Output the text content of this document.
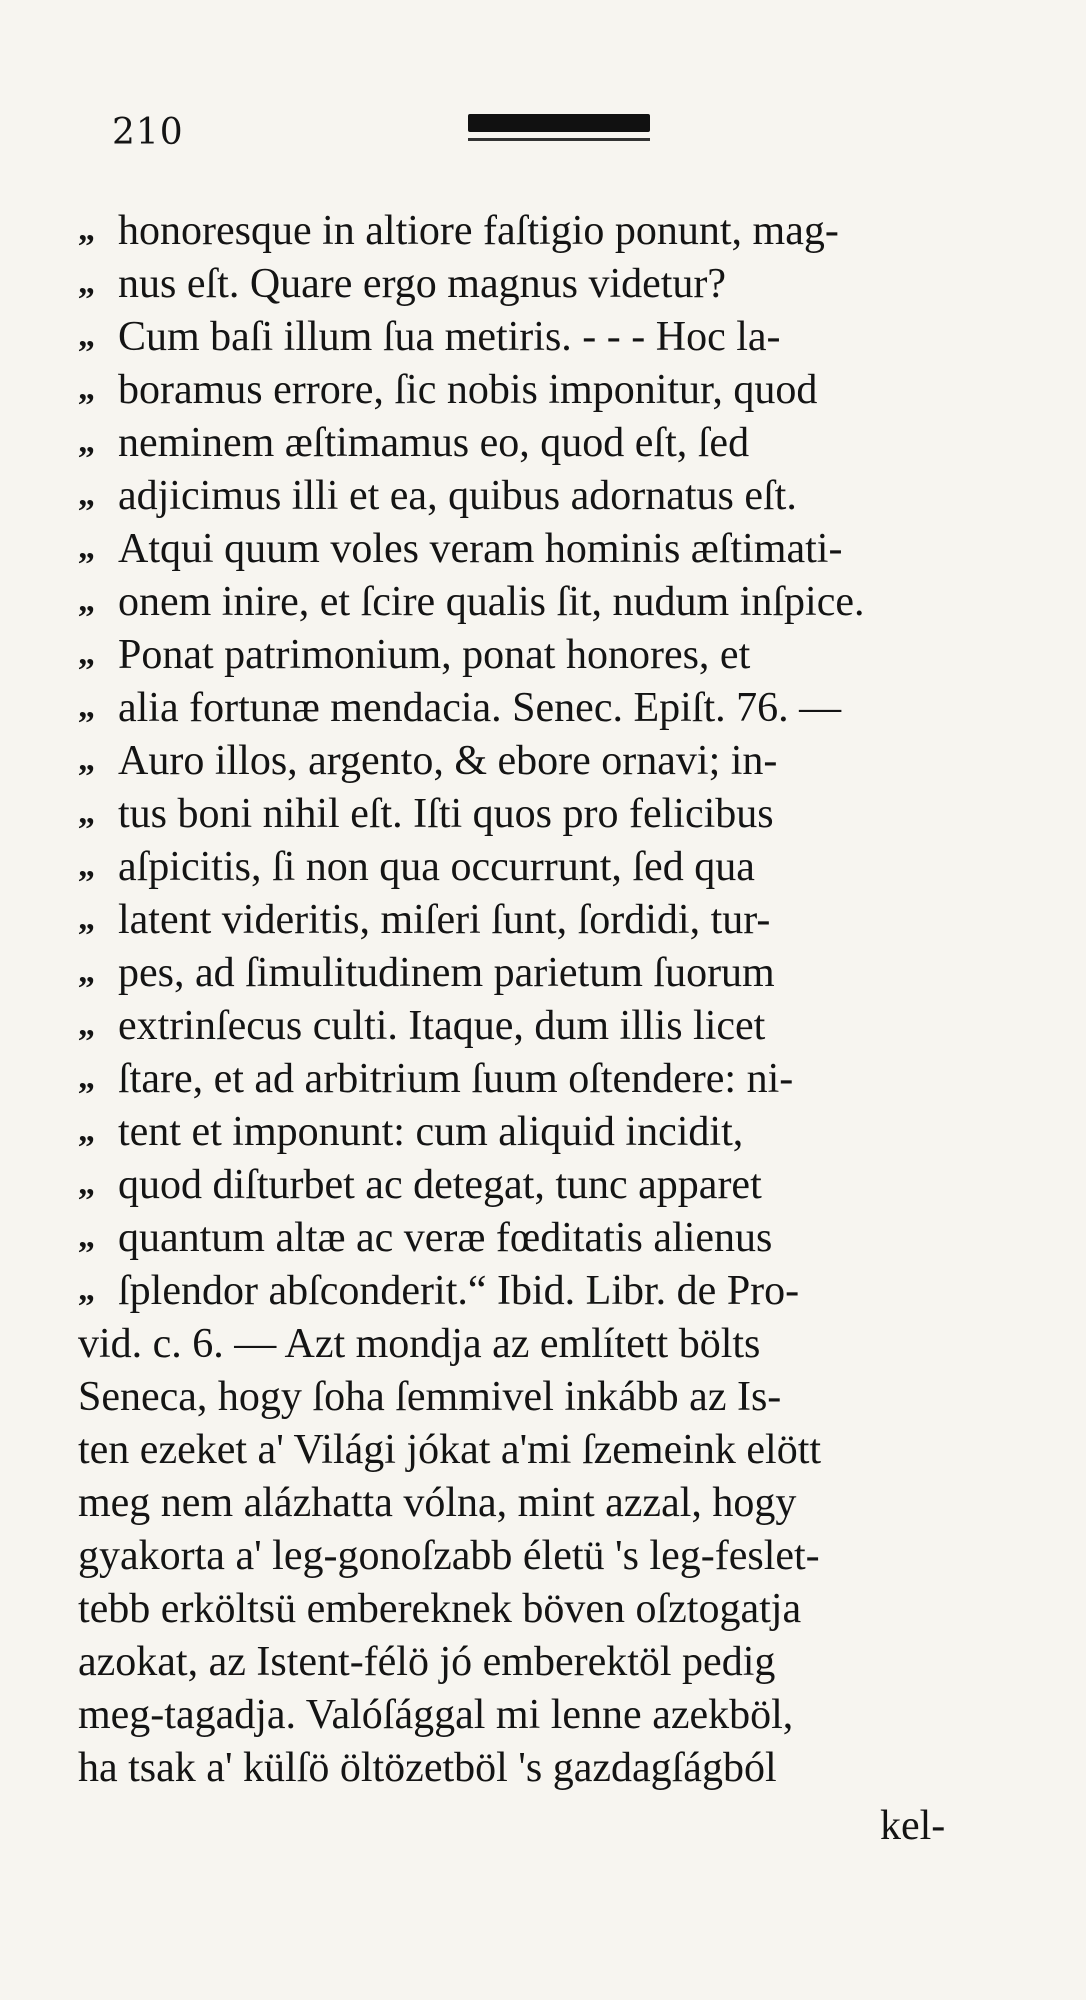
210
„ honoresque in altiore faſtigio ponunt, mag-
„ nus eſt. Quare ergo magnus videtur?
„ Cum baſi illum ſua metiris. - - - Hoc la-
„ boramus errore, ſic nobis imponitur, quod
„ neminem æſtimamus eo, quod eſt, ſed
„ adjicimus illi et ea, quibus adornatus eſt.
„ Atqui quum voles veram hominis æſtimati-
„ onem inire, et ſcire qualis ſit, nudum inſpice.
„ Ponat patrimonium, ponat honores, et
„ alia fortunæ mendacia. Senec. Epiſt. 76. —
„ Auro illos, argento, & ebore ornavi; in-
„ tus boni nihil eſt. Iſti quos pro felicibus
„ aſpicitis, ſi non qua occurrunt, ſed qua
„ latent videritis, miſeri ſunt, ſordidi, tur-
„ pes, ad ſimulitudinem parietum ſuorum
„ extrinſecus culti. Itaque, dum illis licet
„ ſtare, et ad arbitrium ſuum oſtendere: ni-
„ tent et imponunt: cum aliquid incidit,
„ quod diſturbet ac detegat, tunc apparet
„ quantum altæ ac veræ fœditatis alienus
„ ſplendor abſconderit.“ Ibid. Libr. de Pro-
vid. c. 6. — Azt mondja az említett bölts
Seneca, hogy ſoha ſemmivel inkább az Is-
ten ezeket a' Világi jókat a'mi ſzemeink elött
meg nem alázhatta vólna, mint azzal, hogy
gyakorta a' leg-gonoſzabb életü 's leg-feslet-
tebb erköltsü embereknek böven oſztogatja
azokat, az Istent-félö jó emberektöl pedig
meg-tagadja. Valóſággal mi lenne azekböl,
ha tsak a' külſö öltözetböl 's gazdagſágból
kel-
